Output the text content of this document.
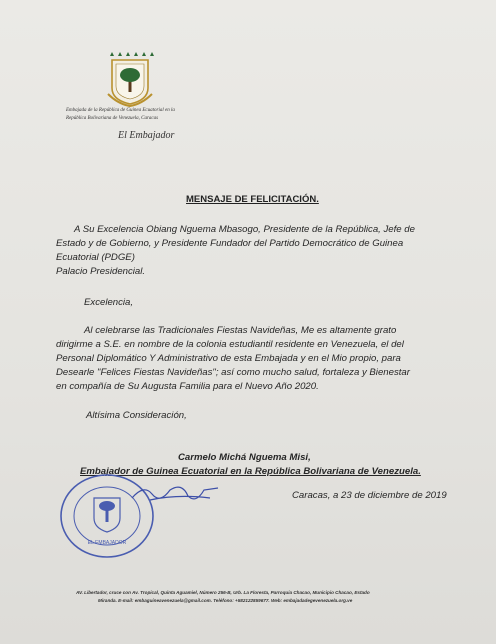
Embajada de la República de Guinea Ecuatorial en la
República Bolivariana de Venezuela, Caracas
El Embajador
MENSAJE DE FELICITACIÓN.
A Su Excelencia Obiang Nguema Mbasogo, Presidente de la República, Jefe de
Estado y de Gobierno, y Presidente Fundador del Partido Democrático de Guinea
Ecuatorial (PDGE)
Palacio Presidencial.
Excelencia,
Al celebrarse las Tradicionales Fiestas Navideñas, Me es altamente grato
dirigirme a S.E. en nombre de la colonia estudiantil residente en Venezuela, el del
Personal Diplomático Y Administrativo de esta Embajada y en el Mio propio, para
Desearle "Felices Fiestas Navideñas"; así como mucho salud, fortaleza y Bienestar
en compañía de Su Augusta Familia para el Nuevo Año 2020.
Altísima Consideración,
Carmelo Michá Nguema Misi,
Embajador de Guinea Ecuatorial en la República Bolivariana de Venezuela.
Caracas, a 23 de diciembre de 2019
EL EMBAJADOR
AV. Libertador, cruce con Av. Tropical, Quinta Aguamiel, Número 256-B, Urb. La Floresta, Parroquia Chacao, Municipio Chacao, Estado
Miranda. E-mail: embaguineavenezuela@gmail.com. Teléfono: +582122859677. Web: embajadadegevenezuela.org.ve
